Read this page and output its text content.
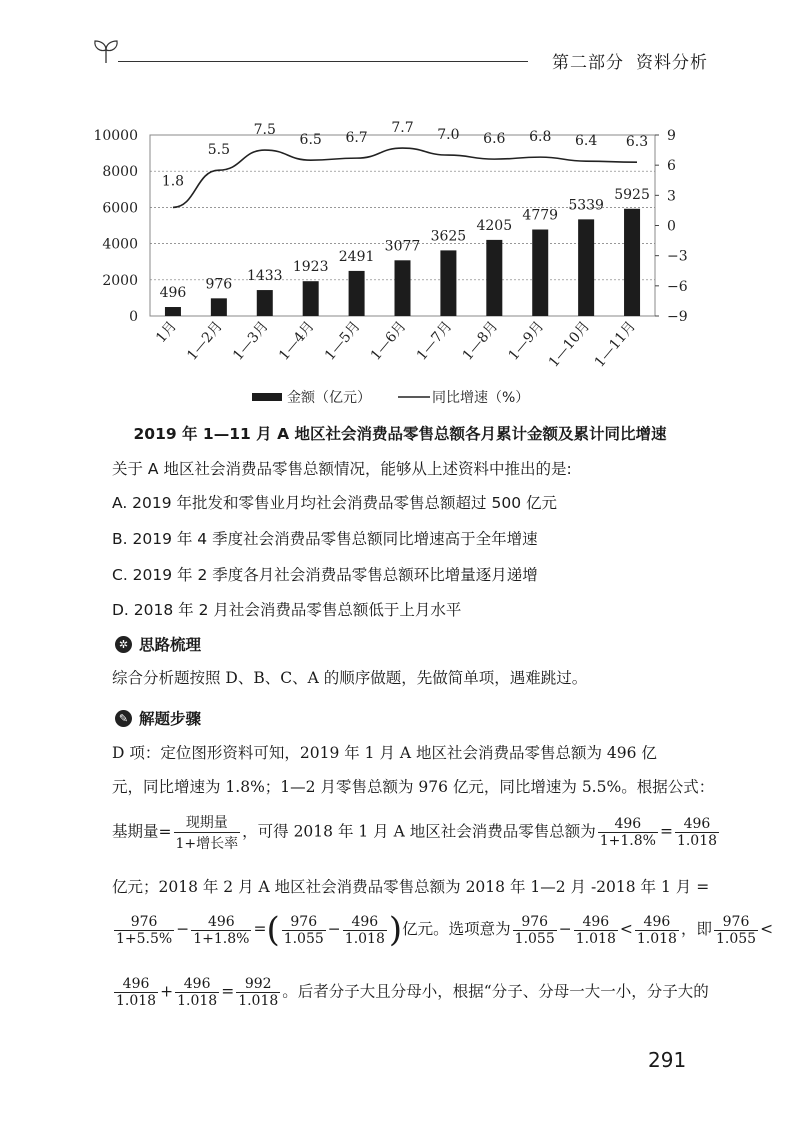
第二部分 资料分析
0
2000
4000
6000
8000
10000
−9
−6
−3
0
3
6
9
496
976
1433
1923
2491
3077
3625
4205
4779
5339
5925
1.8
5.5
7.5
6.5 6.7
7.7 7.0 6.6 6.8 6.4 6.3
1月 1—2月 1—3月 1—4月 1—5月 1—6月 1—7月 1—8月 1—9月
1—10月
1—11月
金额（亿元）	同比增速（%）
2019 年 1—11 月 A 地区社会消费品零售总额各月累计金额及累计同比增速
关于 A 地区社会消费品零售总额情况，能够从上述资料中推出的是:
A. 2019 年批发和零售业月均社会消费品零售总额超过 500 亿元
B. 2019 年 4 季度社会消费品零售总额同比增速高于全年增速
C. 2019 年 2 季度各月社会消费品零售总额环比增量逐月递增
D. 2018 年 2 月社会消费品零售总额低于上月水平
✲ 思路梳理
综合分析题按照 D、B、C、A 的顺序做题，先做简单项，遇难跳过。
✎ 解题步骤
D 项：定位图形资料可知，2019 年 1 月 A 地区社会消费品零售总额为 496 亿
元，同比增速为 1.8%；1—2 月零售总额为 976 亿元，同比增速为 5.5%。根据公式：
基期量= $\frac{\text{现期量}}{\text{1+增长率}}$ ，可得 2018 年 1 月 A 地区社会消费品零售总额为 $\frac{496}{1+1.8\%} = \frac{496}{1.018}$
亿元；2018 年 2 月 A 地区社会消费品零售总额为 2018 年 1—2 月 -2018 年 1 月 =
$\frac{976}{1+5.5\%} - \frac{496}{1+1.8\%}$ =( $\frac{976}{1.055} - \frac{496}{1.018}$ )亿元。选项意为 $\frac{976}{1.055} - \frac{496}{1.018} < \frac{496}{1.018}$ ，即 $\frac{976}{1.055}$ <
$\frac{496}{1.018} + \frac{496}{1.018} = \frac{992}{1.018}$ 。后者分子大且分母小，根据“分子、分母一大一小，分子大的
291
